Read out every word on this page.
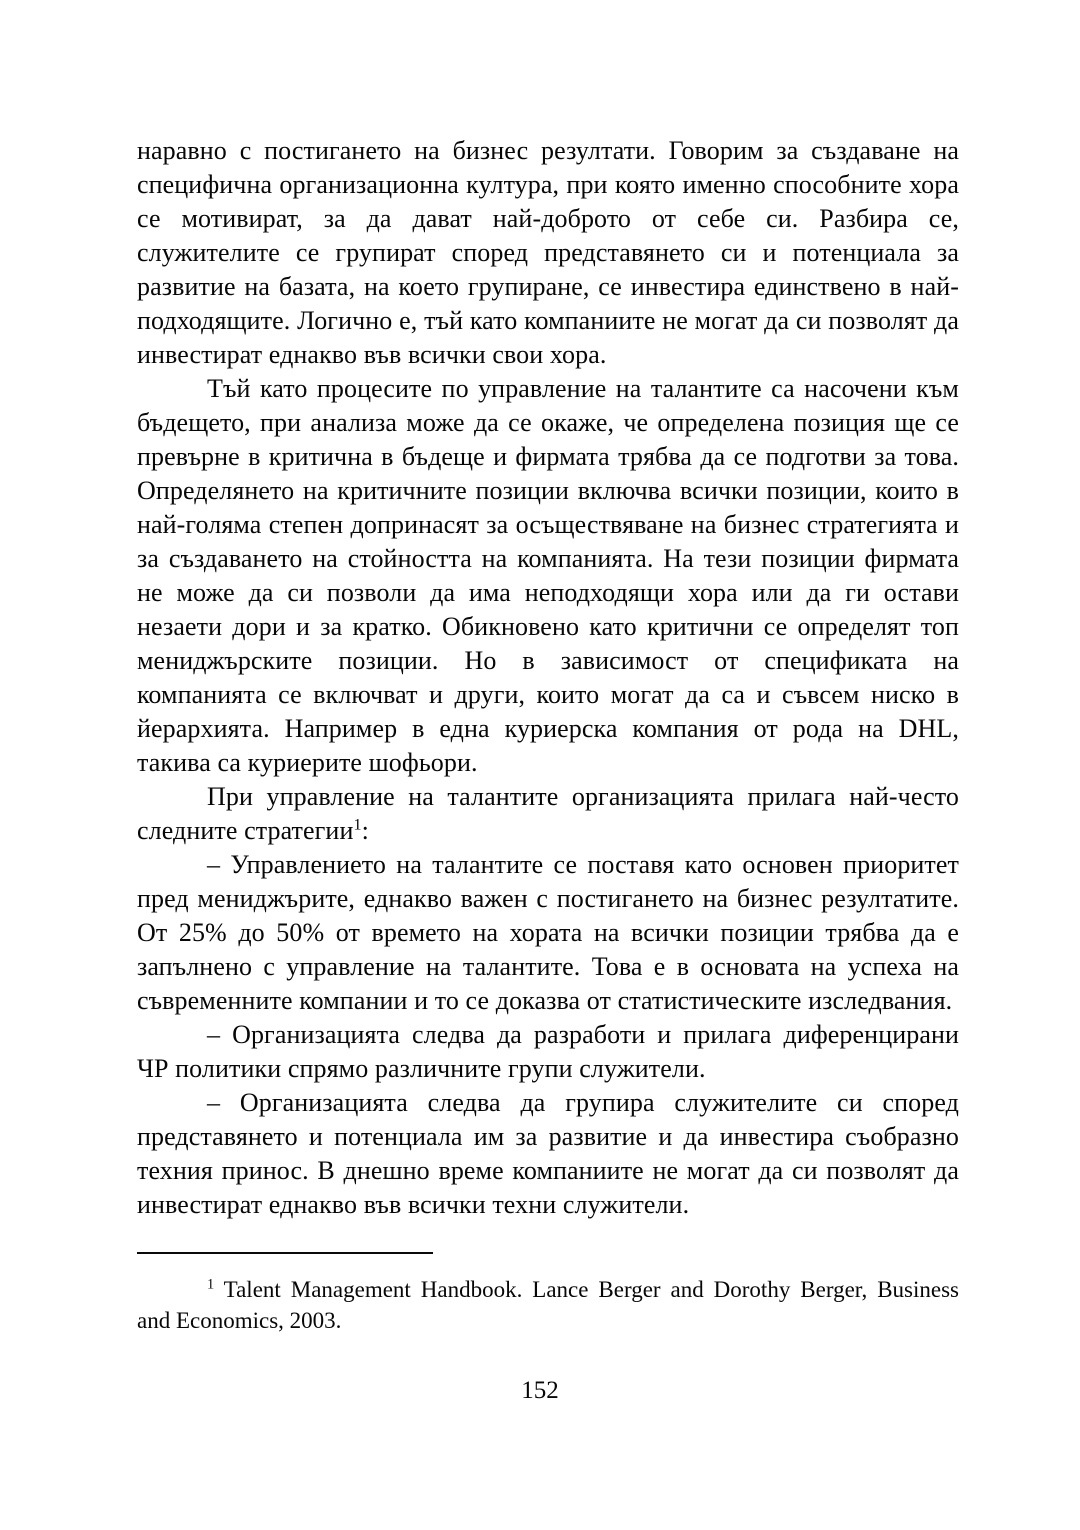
наравно с постигането на бизнес резултати. Говорим за създаване на специфична организационна култура, при която именно способните хора се мотивират, за да дават най-доброто от себе си. Разбира се, служителите се групират според представянето си и потенциала за развитие на базата, на което групиране, се инвестира единствено в най-подходящите. Логично е, тъй като компаниите не могат да си позволят да инвестират еднакво във всички свои хора.

Тъй като процесите по управление на талантите са насочени към бъдещето, при анализа може да се окаже, че определена позиция ще се превърне в критична в бъдеще и фирмата трябва да се подготви за това. Определянето на критичните позиции включва всички позиции, които в най-голяма степен допринасят за осъществяване на бизнес стратегията и за създаването на стойността на компанията. На тези позиции фирмата не може да си позволи да има неподходящи хора или да ги остави незаети дори и за кратко. Обикновено като критични се определят топ мениджърските позиции. Но в зависимост от спецификата на компанията се включват и други, които могат да са и съвсем ниско в йерархията. Например в една куриерска компания от рода на DHL, такива са куриерите шофьори.

При управление на талантите организацията прилага най-често следните стратегии$^1$:

– Управлението на талантите се поставя като основен приоритет пред мениджърите, еднакво важен с постигането на бизнес резултатите. От 25% до 50% от времето на хората на всички позиции трябва да е запълнено с управление на талантите. Това е в основата на успеха на съвременните компании и то се доказва от статистическите изследвания.

– Организацията следва да разработи и прилага диференцирани ЧР политики спрямо различните групи служители.

– Организацията следва да групира служителите си според представянето и потенциала им за развитие и да инвестира съобразно техния принос. В днешно време компаниите не могат да си позволят да инвестират еднакво във всички техни служители.

$^1$ Talent Management Handbook. Lance Berger and Dorothy Berger, Business and Economics, 2003.

152
